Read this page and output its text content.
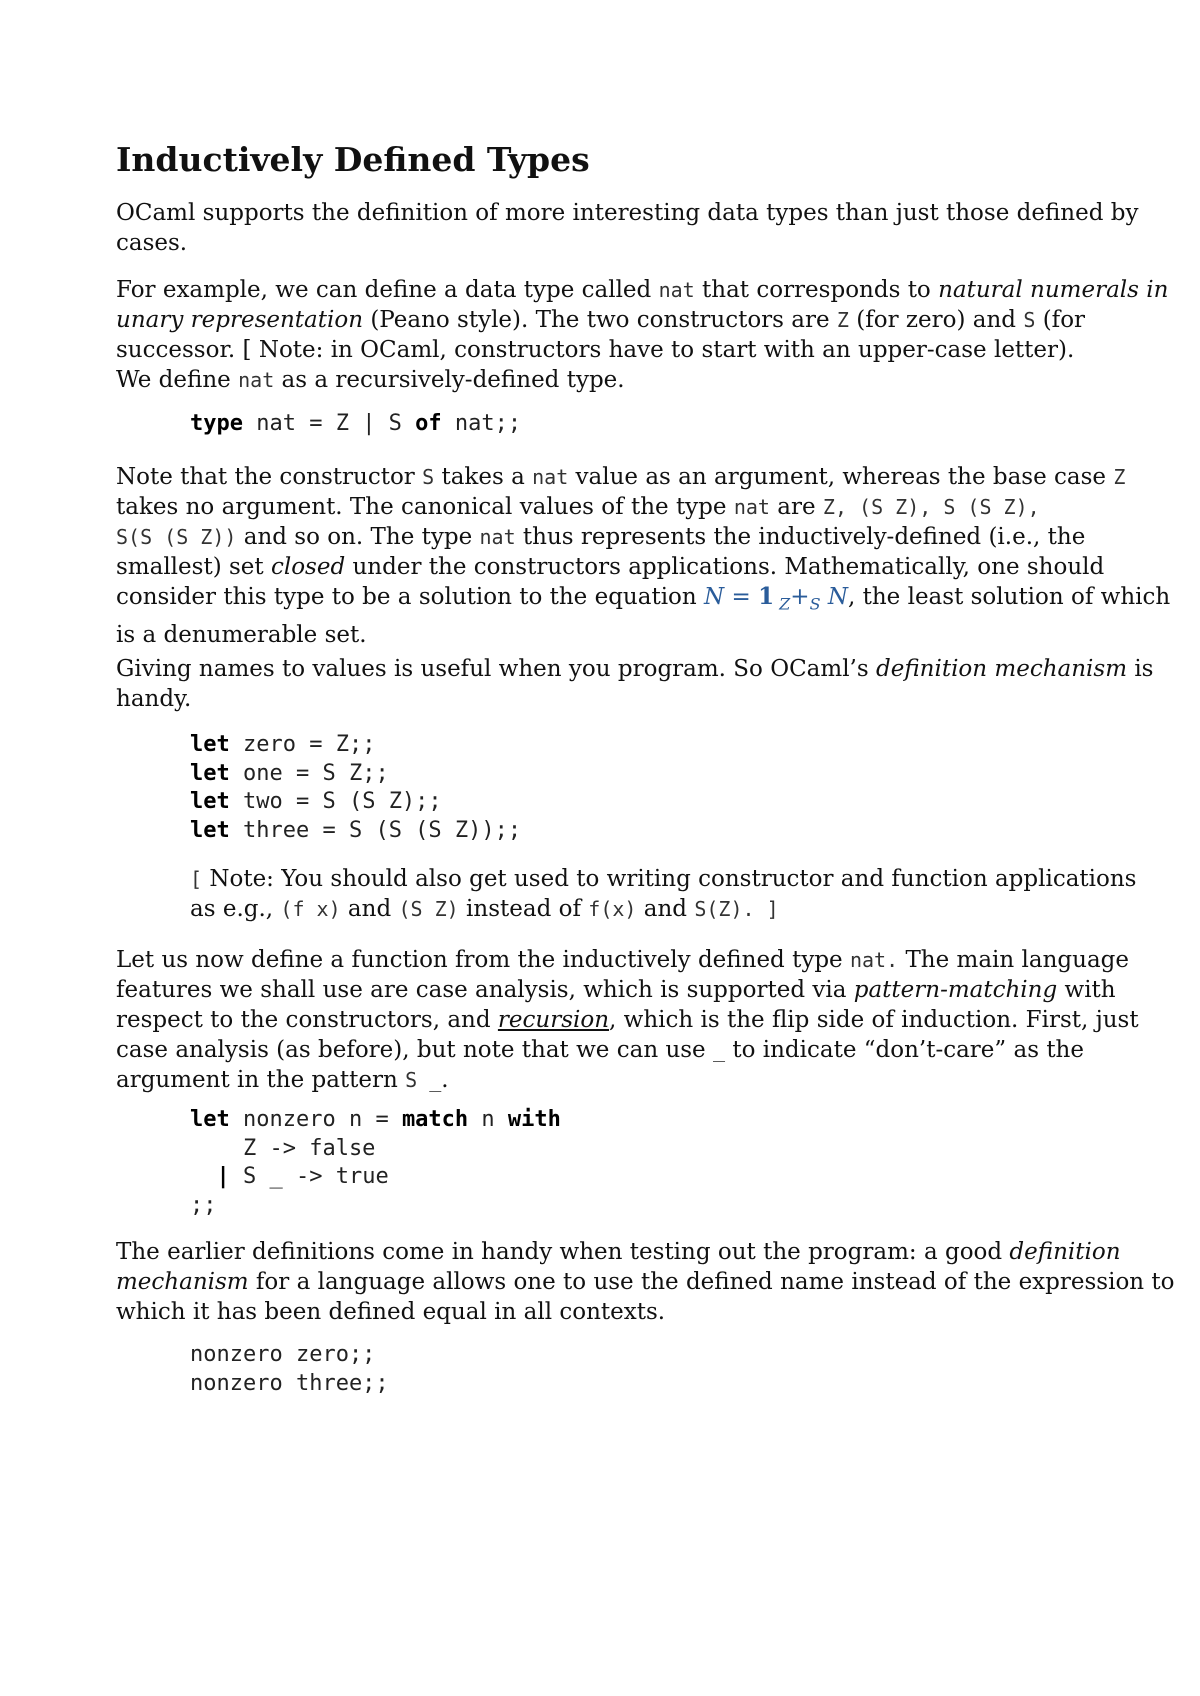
Inductively Defined Types
OCaml supports the definition of more interesting data types than just those defined by
cases.
For example, we can define a data type called nat that corresponds to natural numerals in
unary representation (Peano style). The two constructors are Z (for zero) and S (for
successor. [ Note: in OCaml, constructors have to start with an upper-case letter).
We define nat as a recursively-defined type.
type nat = Z | S of nat;;
Note that the constructor S takes a nat value as an argument, whereas the base case Z
takes no argument. The canonical values of the type nat are Z, (S Z), S (S Z),
S(S (S Z)) and so on. The type nat thus represents the inductively-defined (i.e., the
smallest) set closed under the constructors applications. Mathematically, one should
consider this type to be a solution to the equation N = 1 $_Z+_S$ N, the least solution of which
is a denumerable set.
Giving names to values is useful when you program. So OCaml’s definition mechanism is
handy.
let zero = Z;;
let one = S Z;;
let two = S (S Z);;
let three = S (S (S Z));;
[ Note: You should also get used to writing constructor and function applications
as e.g., (f x) and (S Z) instead of f(x) and S(Z). ]
Let us now define a function from the inductively defined type nat. The main language
features we shall use are case analysis, which is supported via pattern-matching with
respect to the constructors, and recursion, which is the flip side of induction. First, just
case analysis (as before), but note that we can use _ to indicate “don’t-care” as the
argument in the pattern S _.
let nonzero n = match n with
Z -> false
| S _ -> true
;;
The earlier definitions come in handy when testing out the program: a good definition
mechanism for a language allows one to use the defined name instead of the expression to
which it has been defined equal in all contexts.
nonzero zero;;
nonzero three;;
